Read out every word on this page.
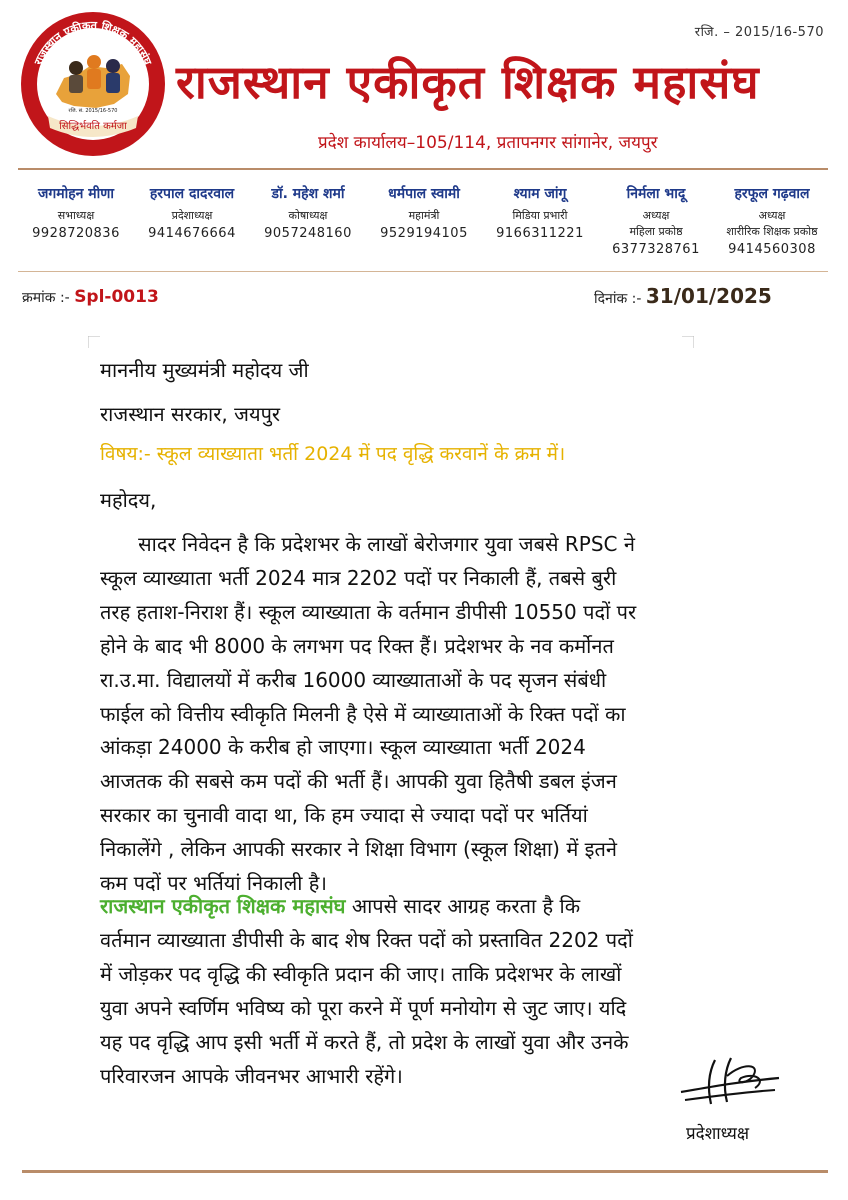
रजि. – 2015/16-570
राजस्थान एकीकृत शिक्षक महासंघ
सिद्धिर्भवति कर्मजा
रजि. सं. 2015/16-570
राजस्थान एकीकृत शिक्षक महासंघ
प्रदेश कार्यालय–105/114, प्रतापनगर सांगानेर, जयपुर
जगमोहन मीणा
सभाध्यक्ष
9928720836
हरपाल दादरवाल
प्रदेशाध्यक्ष
9414676664
डॉ. महेश शर्मा
कोषाध्यक्ष
9057248160
धर्मपाल स्वामी
महामंत्री
9529194105
श्याम जांगू
मिडिया प्रभारी
9166311221
निर्मला भादू
अध्यक्ष
महिला प्रकोष्ठ
6377328761
हरफूल गढ़वाल
अध्यक्ष
शारीरिक शिक्षक प्रकोष्ठ
9414560308
क्रमांक :- Spl-0013	दिनांक :- 31/01/2025
माननीय मुख्यमंत्री महोदय जी
राजस्थान सरकार, जयपुर
विषय:- स्कूल व्याख्याता भर्ती 2024 में पद वृद्धि करवानें के क्रम में।
महोदय,
सादर निवेदन है कि प्रदेशभर के लाखों बेरोजगार युवा जबसे RPSC ने
स्कूल व्याख्याता भर्ती 2024 मात्र 2202 पदों पर निकाली हैं, तबसे बुरी
तरह हताश-निराश हैं। स्कूल व्याख्याता के वर्तमान डीपीसी 10550 पदों पर
होने के बाद भी 8000 के लगभग पद रिक्त हैं। प्रदेशभर के नव कर्मोनत
रा.उ.मा. विद्यालयों में करीब 16000 व्याख्याताओं के पद सृजन संबंधी
फाईल को वित्तीय स्वीकृति मिलनी है ऐसे में व्याख्याताओं के रिक्त पदों का
आंकड़ा 24000 के करीब हो जाएगा। स्कूल व्याख्याता भर्ती 2024
आजतक की सबसे कम पदों की भर्ती हैं। आपकी युवा हितैषी डबल इंजन
सरकार का चुनावी वादा था, कि हम ज्यादा से ज्यादा पदों पर भर्तियां
निकालेंगे , लेकिन आपकी सरकार ने शिक्षा विभाग (स्कूल शिक्षा) में इतने
कम पदों पर भर्तियां निकाली है।
राजस्थान एकीकृत शिक्षक महासंघ आपसे सादर आग्रह करता है कि
वर्तमान व्याख्याता डीपीसी के बाद शेष रिक्त पदों को प्रस्तावित 2202 पदों
में जोड़कर पद वृद्धि की स्वीकृति प्रदान की जाए। ताकि प्रदेशभर के लाखों
युवा अपने स्वर्णिम भविष्य को पूरा करने में पूर्ण मनोयोग से जुट जाए। यदि
यह पद वृद्धि आप इसी भर्ती में करते हैं, तो प्रदेश के लाखों युवा और उनके
परिवारजन आपके जीवनभर आभारी रहेंगे।
प्रदेशाध्यक्ष
